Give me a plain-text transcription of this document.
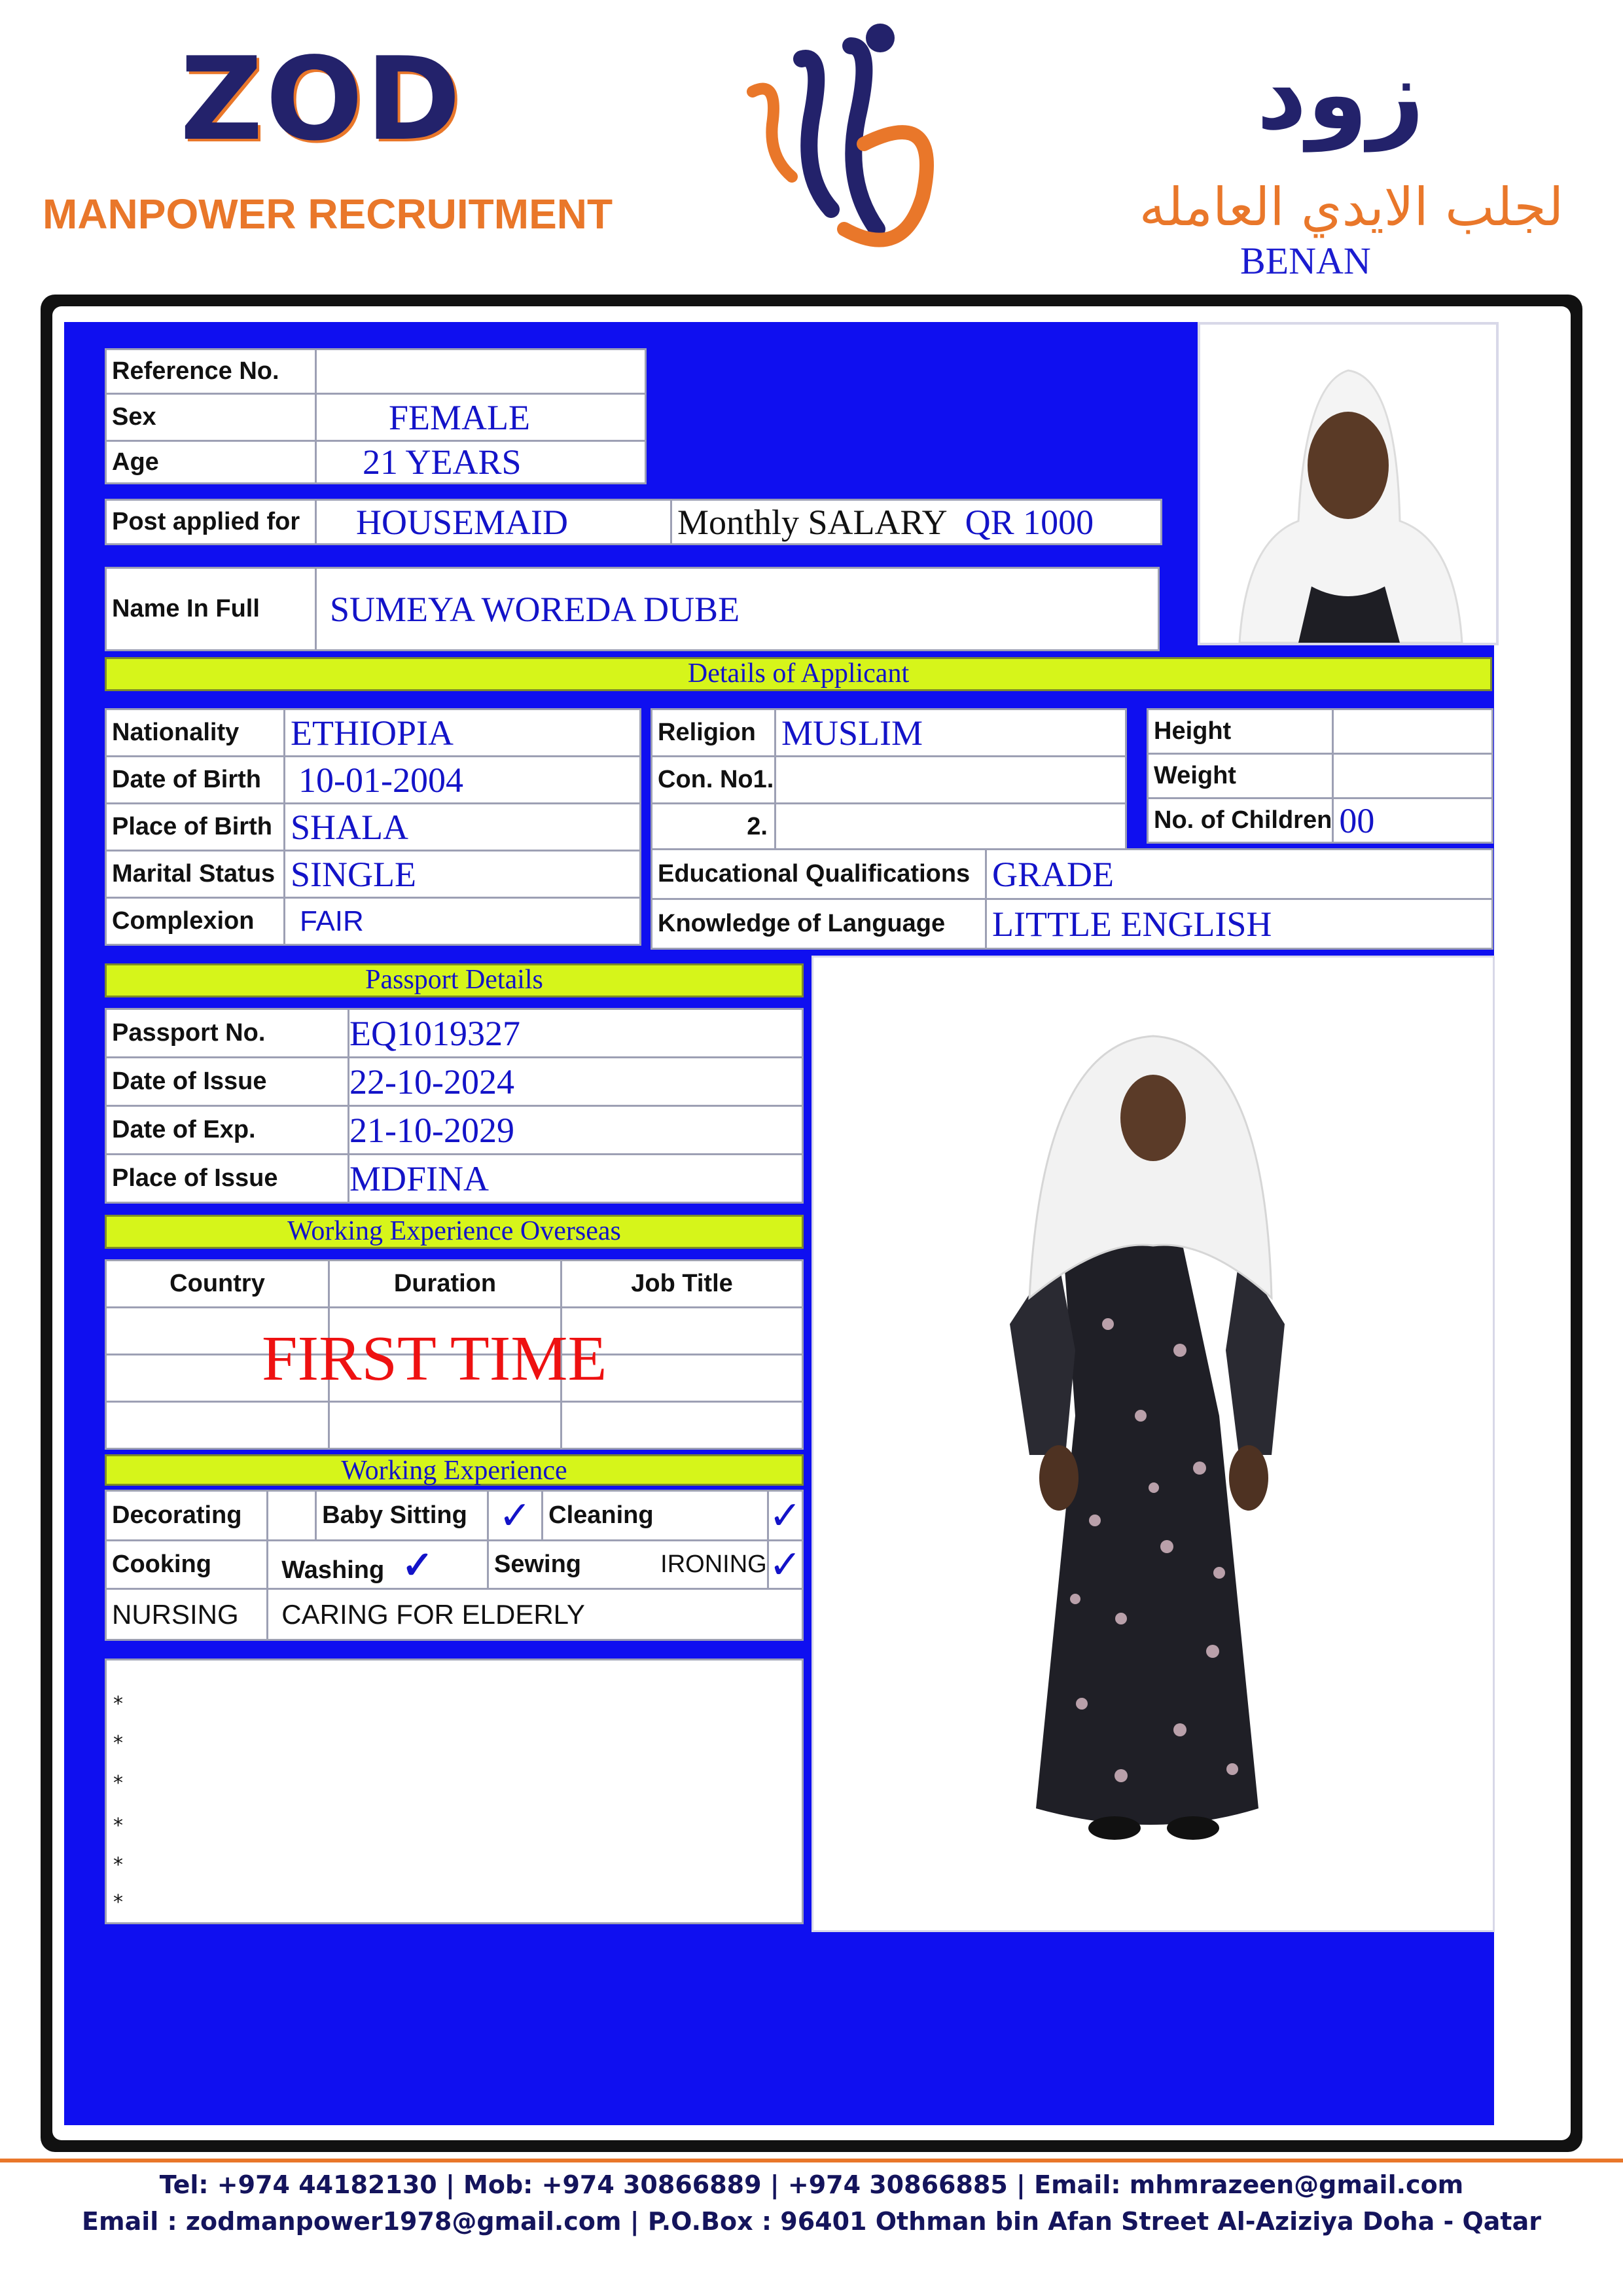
ZOD
MANPOWER RECRUITMENT
زود
لجلب الايدي العامله
BENAN
Reference No.	
Sex	FEMALE
Age	21 YEARS
Post applied for	HOUSEMAID	Monthly SALARY QR 1000
Name In Full	SUMEYA WOREDA DUBE
Details of Applicant
Nationality	ETHIOPIA
Date of Birth	10-01-2004
Place of Birth	SHALA
Marital Status	SINGLE
Complexion	FAIR
Religion	MUSLIM
Con. No1.	
2.	
Height	
Weight	
No. of Children	00
Educational Qualifications	GRADE
Knowledge of Language	LITTLE ENGLISH
Passport Details
Passport No.	EQ1019327
Date of Issue	22-10-2024
Date of Exp.	21-10-2029
Place of Issue	MDFINA
Working Experience Overseas
Country	Duration	Job Title

FIRST TIME
Working Experience
Decorating		Baby Sitting	✓	Cleaning	✓
Cooking	Washing ✓		Sewing IRONING		✓
NURSING	CARING FOR ELDERLY				
*
*
*
*
*
*
Tel: +974 44182130 | Mob: +974 30866889 | +974 30866885 | Email: mhmrazeen@gmail.com
Email : zodmanpower1978@gmail.com | P.O.Box : 96401 Othman bin Afan Street Al-Aziziya Doha - Qatar
